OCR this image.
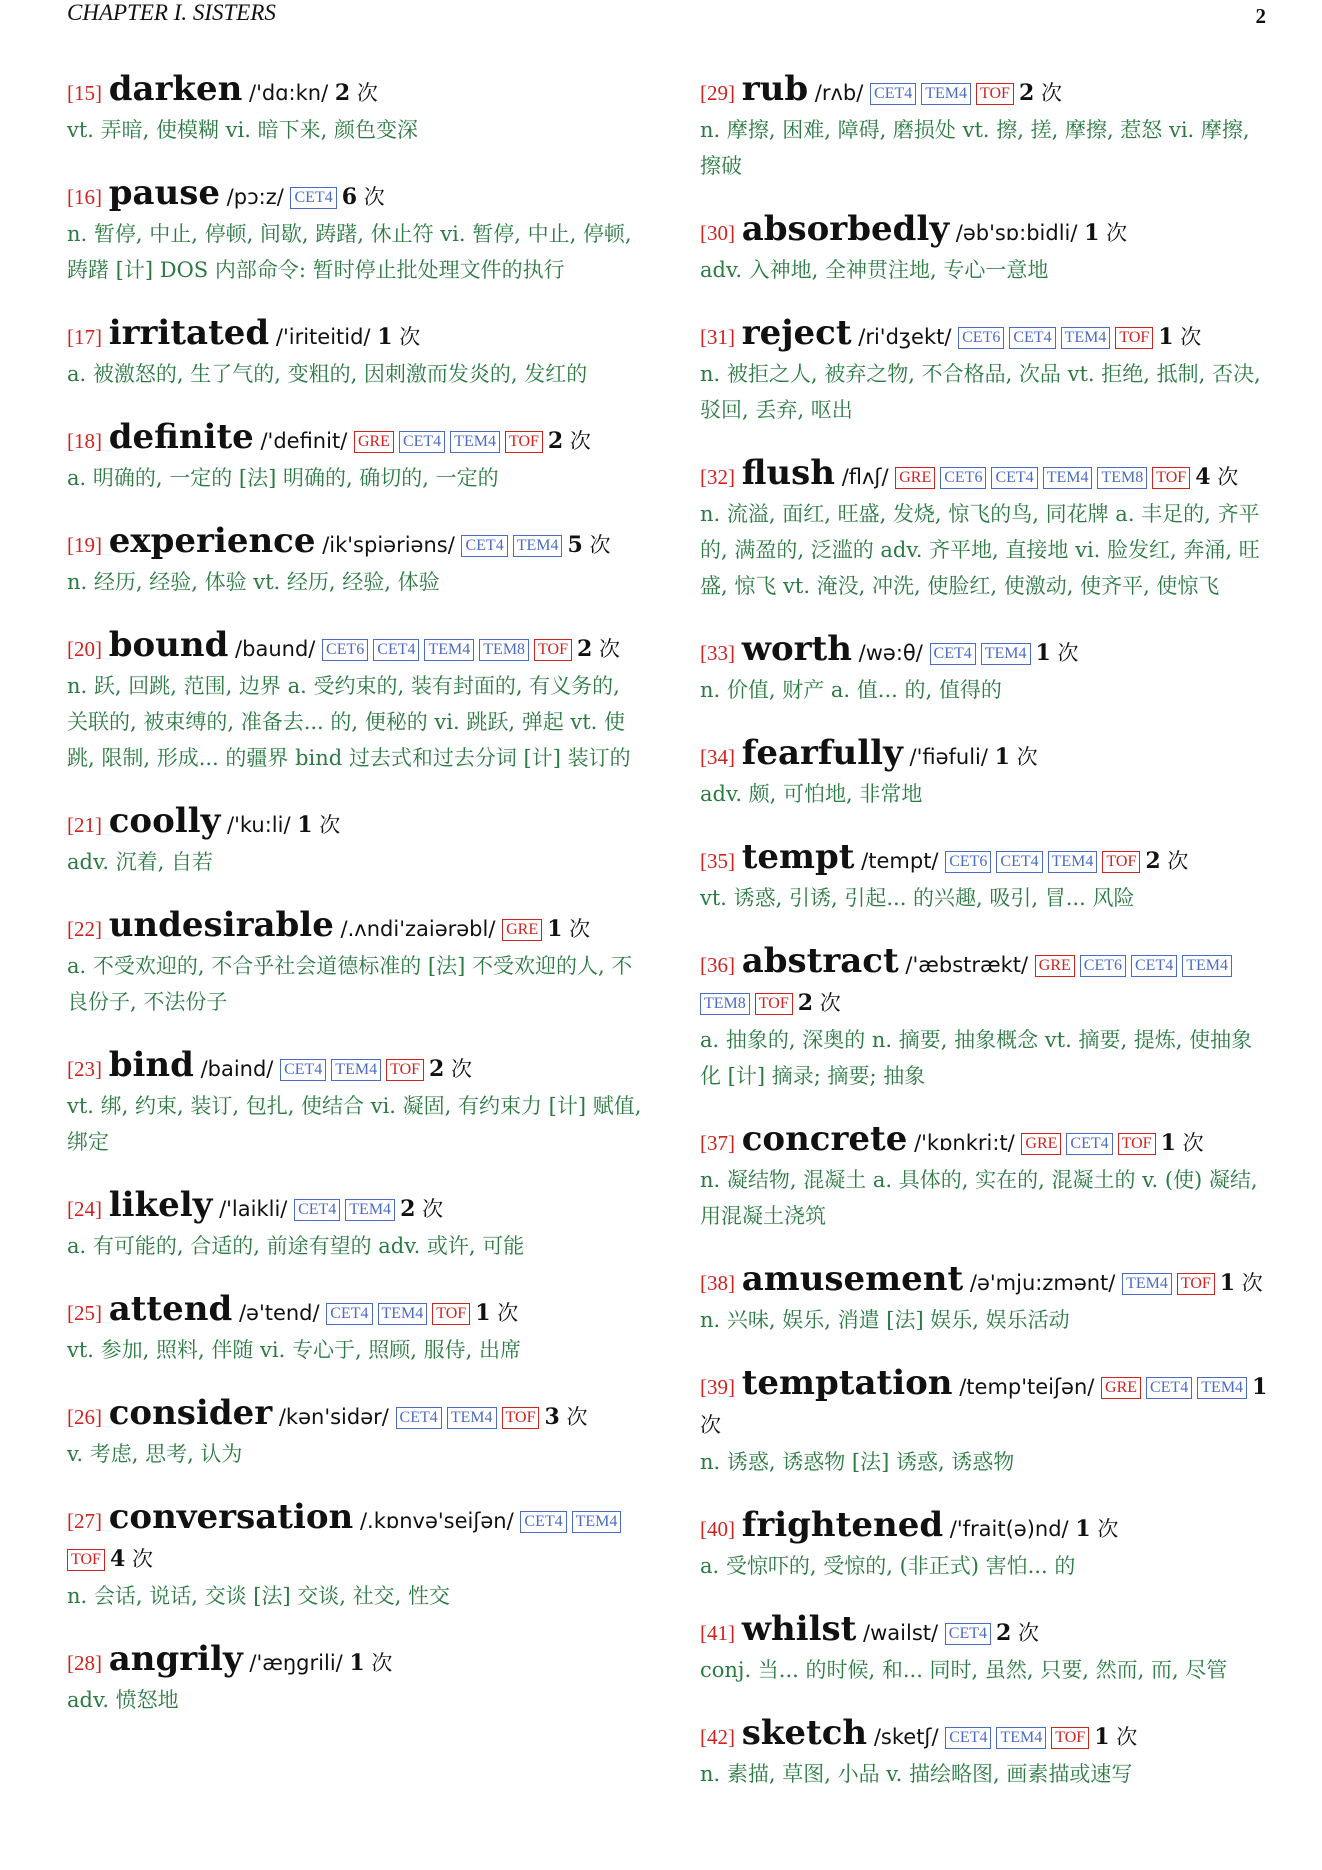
CHAPTER I. SISTERS	2
[15] darken /'dɑ:kn/ 2 次
vt. 弄暗, 使模糊 vi. 暗下来, 颜色变深
[16] pause /pɔ:z/ CET4 6 次
n. 暂停, 中止, 停顿, 间歇, 踌躇, 休止符 vi. 暂停, 中止, 停顿, 踌躇 [计] DOS 内部命令: 暂时停止批处理文件的执行
[17] irritated /'iriteitid/ 1 次
a. 被激怒的, 生了气的, 变粗的, 因刺激而发炎的, 发红的
[18] definite /'definit/ GRE CET4 TEM4 TOF 2 次
a. 明确的, 一定的 [法] 明确的, 确切的, 一定的
[19] experience /ik'spiəriəns/ CET4 TEM4 5 次
n. 经历, 经验, 体验 vt. 经历, 经验, 体验
[20] bound /baund/ CET6 CET4 TEM4 TEM8 TOF 2 次
n. 跃, 回跳, 范围, 边界 a. 受约束的, 装有封面的, 有义务的, 关联的, 被束缚的, 准备去... 的, 便秘的 vi. 跳跃, 弹起 vt. 使跳, 限制, 形成... 的疆界 bind 过去式和过去分词 [计] 装订的
[21] coolly /'ku:li/ 1 次
adv. 沉着, 自若
[22] undesirable /.ʌndi'zaiərəbl/ GRE 1 次
a. 不受欢迎的, 不合乎社会道德标准的 [法] 不受欢迎的人, 不良份子, 不法份子
[23] bind /baind/ CET4 TEM4 TOF 2 次
vt. 绑, 约束, 装订, 包扎, 使结合 vi. 凝固, 有约束力 [计] 赋值, 绑定
[24] likely /'laikli/ CET4 TEM4 2 次
a. 有可能的, 合适的, 前途有望的 adv. 或许, 可能
[25] attend /ə'tend/ CET4 TEM4 TOF 1 次
vt. 参加, 照料, 伴随 vi. 专心于, 照顾, 服侍, 出席
[26] consider /kən'sidər/ CET4 TEM4 TOF 3 次
v. 考虑, 思考, 认为
[27] conversation /.kɒnvə'seiʃən/ CET4 TEM4TOF 4 次
n. 会话, 说话, 交谈 [法] 交谈, 社交, 性交
[28] angrily /'æŋgrili/ 1 次
adv. 愤怒地
[29] rub /rʌb/ CET4 TEM4 TOF 2 次
n. 摩擦, 困难, 障碍, 磨损处 vt. 擦, 搓, 摩擦, 惹怒 vi. 摩擦, 擦破
[30] absorbedly /əb'sɒ:bidli/ 1 次
adv. 入神地, 全神贯注地, 专心一意地
[31] reject /ri'dʒekt/ CET6 CET4 TEM4 TOF 1 次
n. 被拒之人, 被弃之物, 不合格品, 次品 vt. 拒绝, 抵制, 否决, 驳回, 丢弃, 呕出
[32] flush /flʌʃ/ GRE CET6 CET4 TEM4 TEM8 TOF 4 次
n. 流溢, 面红, 旺盛, 发烧, 惊飞的鸟, 同花牌 a. 丰足的, 齐平的, 满盈的, 泛滥的 adv. 齐平地, 直接地 vi. 脸发红, 奔涌, 旺盛, 惊飞 vt. 淹没, 冲洗, 使脸红, 使激动, 使齐平, 使惊飞
[33] worth /wə:θ/ CET4 TEM4 1 次
n. 价值, 财产 a. 值... 的, 值得的
[34] fearfully /'fiəfuli/ 1 次
adv. 颇, 可怕地, 非常地
[35] tempt /tempt/ CET6 CET4 TEM4 TOF 2 次
vt. 诱惑, 引诱, 引起... 的兴趣, 吸引, 冒... 风险
[36] abstract /'æbstrækt/ GRE CET6 CET4 TEM4TEM8 TOF 2 次
a. 抽象的, 深奥的 n. 摘要, 抽象概念 vt. 摘要, 提炼, 使抽象化 [计] 摘录; 摘要; 抽象
[37] concrete /'kɒnkri:t/ GRE CET4 TOF 1 次
n. 凝结物, 混凝土 a. 具体的, 实在的, 混凝土的 v. (使) 凝结, 用混凝土浇筑
[38] amusement /ə'mju:zmənt/ TEM4 TOF 1 次
n. 兴味, 娱乐, 消遣 [法] 娱乐, 娱乐活动
[39] temptation /temp'teiʃən/ GRE CET4 TEM4 1 次
n. 诱惑, 诱惑物 [法] 诱惑, 诱惑物
[40] frightened /'frait(ə)nd/ 1 次
a. 受惊吓的, 受惊的, (非正式) 害怕... 的
[41] whilst /wailst/ CET4 2 次
conj. 当... 的时候, 和... 同时, 虽然, 只要, 然而, 而, 尽管
[42] sketch /sketʃ/ CET4 TEM4 TOF 1 次
n. 素描, 草图, 小品 v. 描绘略图, 画素描或速写
